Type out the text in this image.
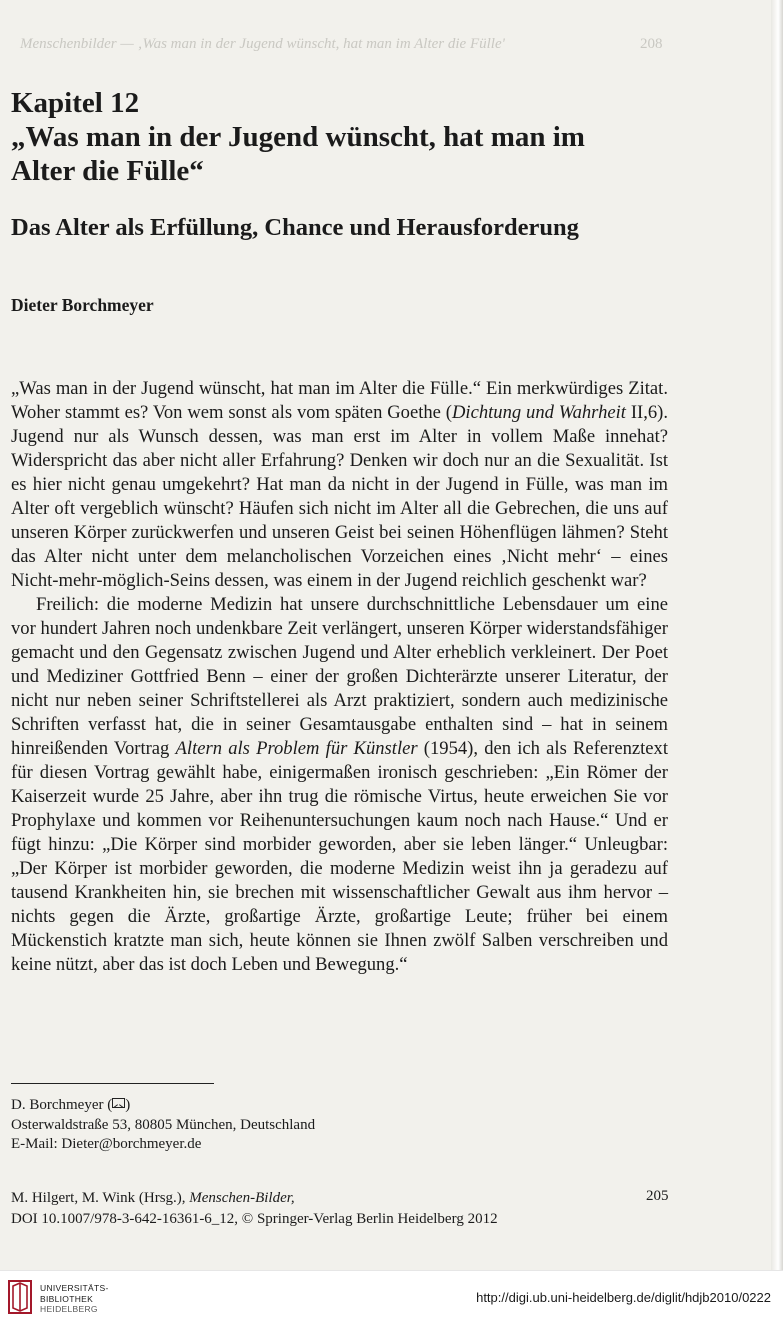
Menschenbilder — ‚Was man in der Jugend wünscht, hat man im Alter die Fülle'	208
Kapitel 12
„Was man in der Jugend wünscht, hat man im
Alter die Fülle“
Das Alter als Erfüllung, Chance und Herausforderung
Dieter Borchmeyer

„Was man in der Jugend wünscht, hat man im Alter die Fülle.“ Ein merkwürdiges Zitat. Woher stammt es? Von wem sonst als vom späten Goethe (Dichtung und Wahrheit II,6). Jugend nur als Wunsch dessen, was man erst im Alter in vollem Maße innehat? Widerspricht das aber nicht aller Erfahrung? Denken wir doch nur an die Sexualität. Ist es hier nicht genau umgekehrt? Hat man da nicht in der Jugend in Fülle, was man im Alter oft vergeblich wünscht? Häufen sich nicht im Alter all die Gebrechen, die uns auf unseren Körper zurückwerfen und unseren Geist bei seinen Höhenflügen lähmen? Steht das Alter nicht unter dem melancholischen Vorzeichen eines ‚Nicht mehr‘ – eines Nicht-mehr-möglich-Seins dessen, was einem in der Jugend reichlich geschenkt war?

Freilich: die moderne Medizin hat unsere durchschnittliche Lebensdauer um eine vor hundert Jahren noch undenkbare Zeit verlängert, unseren Körper widerstandsfähiger gemacht und den Gegensatz zwischen Jugend und Alter erheblich verkleinert. Der Poet und Mediziner Gottfried Benn – einer der großen Dichterärzte unserer Literatur, der nicht nur neben seiner Schriftstellerei als Arzt praktiziert, sondern auch medizinische Schriften verfasst hat, die in seiner Gesamtausgabe enthalten sind – hat in seinem hinreißenden Vortrag Altern als Problem für Künstler (1954), den ich als Referenztext für diesen Vortrag gewählt habe, einigermaßen ironisch geschrieben: „Ein Römer der Kaiserzeit wurde 25 Jahre, aber ihn trug die römische Virtus, heute erweichen Sie vor Prophylaxe und kommen vor Reihenuntersuchungen kaum noch nach Hause.“ Und er fügt hinzu: „Die Körper sind morbider geworden, aber sie leben länger.“ Unleugbar: „Der Körper ist morbider geworden, die moderne Medizin weist ihn ja geradezu auf tausend Krankheiten hin, sie brechen mit wissenschaftlicher Gewalt aus ihm hervor – nichts gegen die Ärzte, großartige Ärzte, großartige Leute; früher bei einem Mückenstich kratzte man sich, heute können sie Ihnen zwölf Salben verschreiben und keine nützt, aber das ist doch Leben und Bewegung.“

D. Borchmeyer ( )
Osterwaldstraße 53, 80805 München, Deutschland
E-Mail: Dieter@borchmeyer.de
M. Hilgert, M. Wink (Hrsg.), Menschen-Bilder,
DOI 10.1007/978-3-642-16361-6_12, © Springer-Verlag Berlin Heidelberg 2012
205
UNIVERSITÄTS-
BIBLIOTHEK
HEIDELBERG
http://digi.ub.uni-heidelberg.de/diglit/hdjb2010/0222
